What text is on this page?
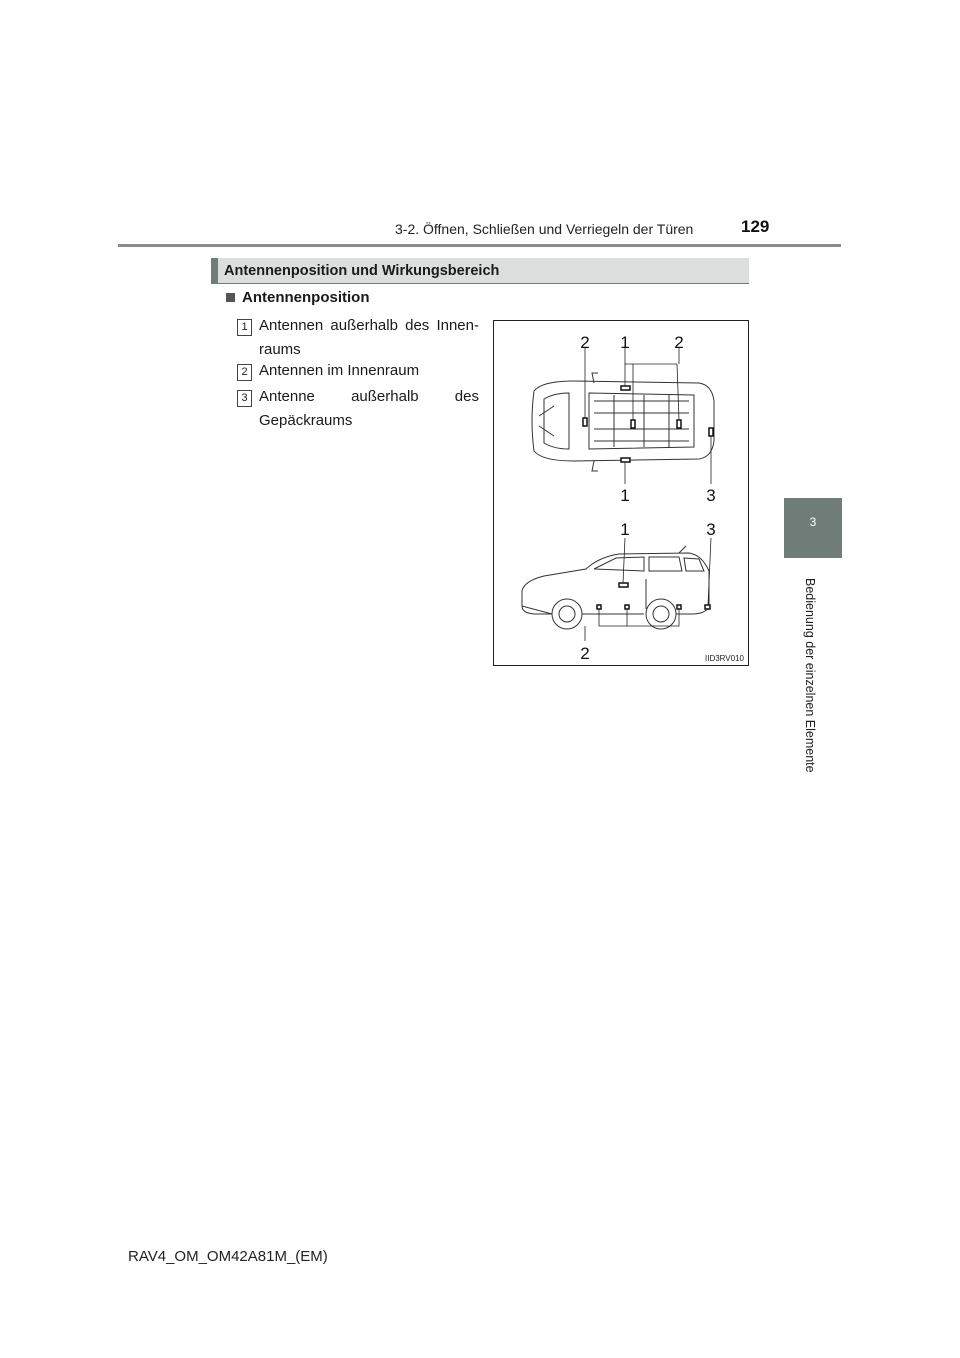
3-2. Öffnen, Schließen und Verriegeln der Türen	129
3
Bedienung der einzelnen Elemente
Antennenposition und Wirkungsbereich
Antennenposition
1 Antennen außerhalb des Innen-
raums
2 Antennen im Innenraum
3 Antenne außerhalb des
Gepäckraums
2 1	2
1	3
1	3
2	IID3RV010
RAV4_OM_OM42A81M_(EM)
